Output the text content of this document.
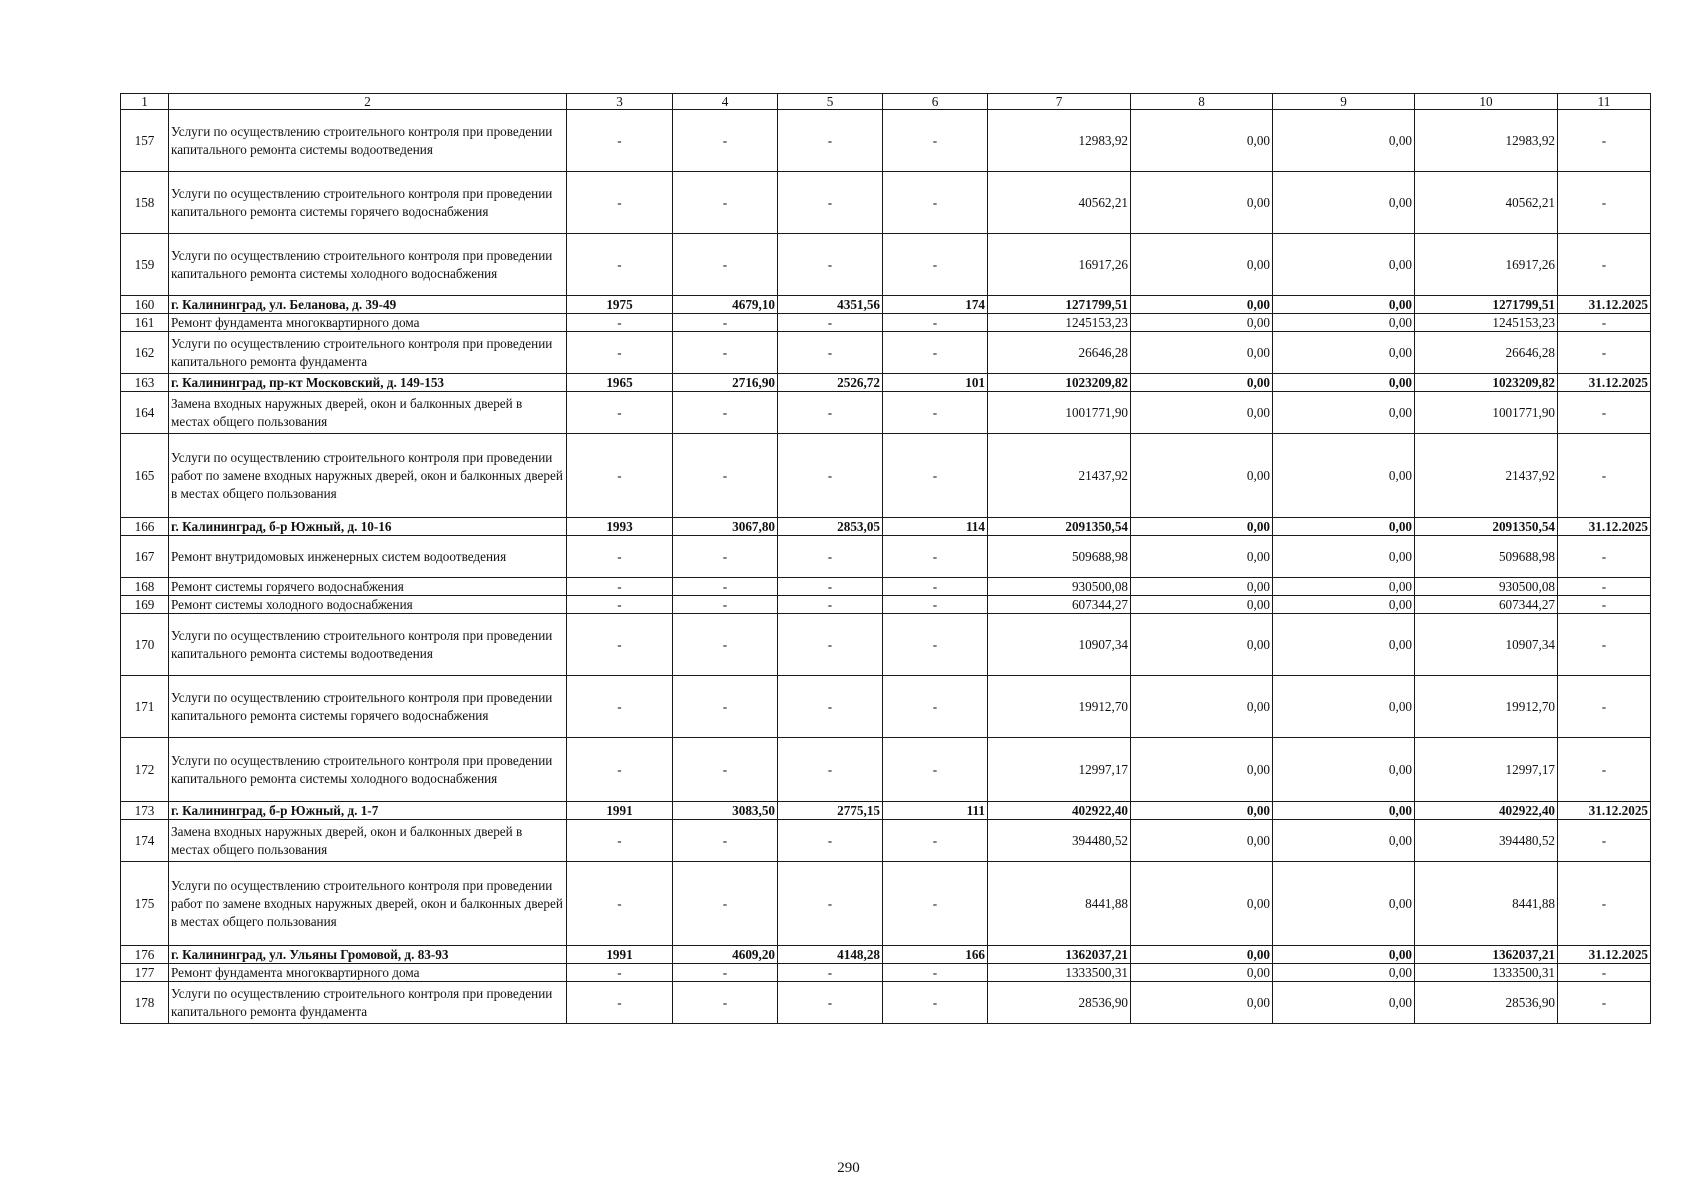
1	2	3	4	5	6	7	8	9	10	11
157	Услуги по осуществлению строительного контроля при проведении капитального ремонта системы водоотведения	-	-	-	-	12983,92	0,00	0,00	12983,92	-
158	Услуги по осуществлению строительного контроля при проведении капитального ремонта системы горячего водоснабжения	-	-	-	-	40562,21	0,00	0,00	40562,21	-
159	Услуги по осуществлению строительного контроля при проведении капитального ремонта системы холодного водоснабжения	-	-	-	-	16917,26	0,00	0,00	16917,26	-
160	г. Калининград, ул. Беланова, д. 39-49	1975	4679,10	4351,56	174	1271799,51	0,00	0,00	1271799,51	31.12.2025
161	Ремонт фундамента многоквартирного дома	-	-	-	-	1245153,23	0,00	0,00	1245153,23	-
162	Услуги по осуществлению строительного контроля при проведении капитального ремонта фундамента	-	-	-	-	26646,28	0,00	0,00	26646,28	-
163	г. Калининград, пр-кт Московский, д. 149-153	1965	2716,90	2526,72	101	1023209,82	0,00	0,00	1023209,82	31.12.2025
164	Замена входных наружных дверей, окон и балконных дверей в местах общего пользования	-	-	-	-	1001771,90	0,00	0,00	1001771,90	-
165	Услуги по осуществлению строительного контроля при проведении работ по замене входных наружных дверей, окон и балконных дверей в местах общего пользования	-	-	-	-	21437,92	0,00	0,00	21437,92	-
166	г. Калининград, б-р Южный, д. 10-16	1993	3067,80	2853,05	114	2091350,54	0,00	0,00	2091350,54	31.12.2025
167	Ремонт внутридомовых инженерных систем водоотведения	-	-	-	-	509688,98	0,00	0,00	509688,98	-
168	Ремонт системы горячего водоснабжения	-	-	-	-	930500,08	0,00	0,00	930500,08	-
169	Ремонт системы холодного водоснабжения	-	-	-	-	607344,27	0,00	0,00	607344,27	-
170	Услуги по осуществлению строительного контроля при проведении капитального ремонта системы водоотведения	-	-	-	-	10907,34	0,00	0,00	10907,34	-
171	Услуги по осуществлению строительного контроля при проведении капитального ремонта системы горячего водоснабжения	-	-	-	-	19912,70	0,00	0,00	19912,70	-
172	Услуги по осуществлению строительного контроля при проведении капитального ремонта системы холодного водоснабжения	-	-	-	-	12997,17	0,00	0,00	12997,17	-
173	г. Калининград, б-р Южный, д. 1-7	1991	3083,50	2775,15	111	402922,40	0,00	0,00	402922,40	31.12.2025
174	Замена входных наружных дверей, окон и балконных дверей в местах общего пользования	-	-	-	-	394480,52	0,00	0,00	394480,52	-
175	Услуги по осуществлению строительного контроля при проведении работ по замене входных наружных дверей, окон и балконных дверей в местах общего пользования	-	-	-	-	8441,88	0,00	0,00	8441,88	-
176	г. Калининград, ул. Ульяны Громовой, д. 83-93	1991	4609,20	4148,28	166	1362037,21	0,00	0,00	1362037,21	31.12.2025
177	Ремонт фундамента многоквартирного дома	-	-	-	-	1333500,31	0,00	0,00	1333500,31	-
178	Услуги по осуществлению строительного контроля при проведении капитального ремонта фундамента	-	-	-	-	28536,90	0,00	0,00	28536,90	-
290
